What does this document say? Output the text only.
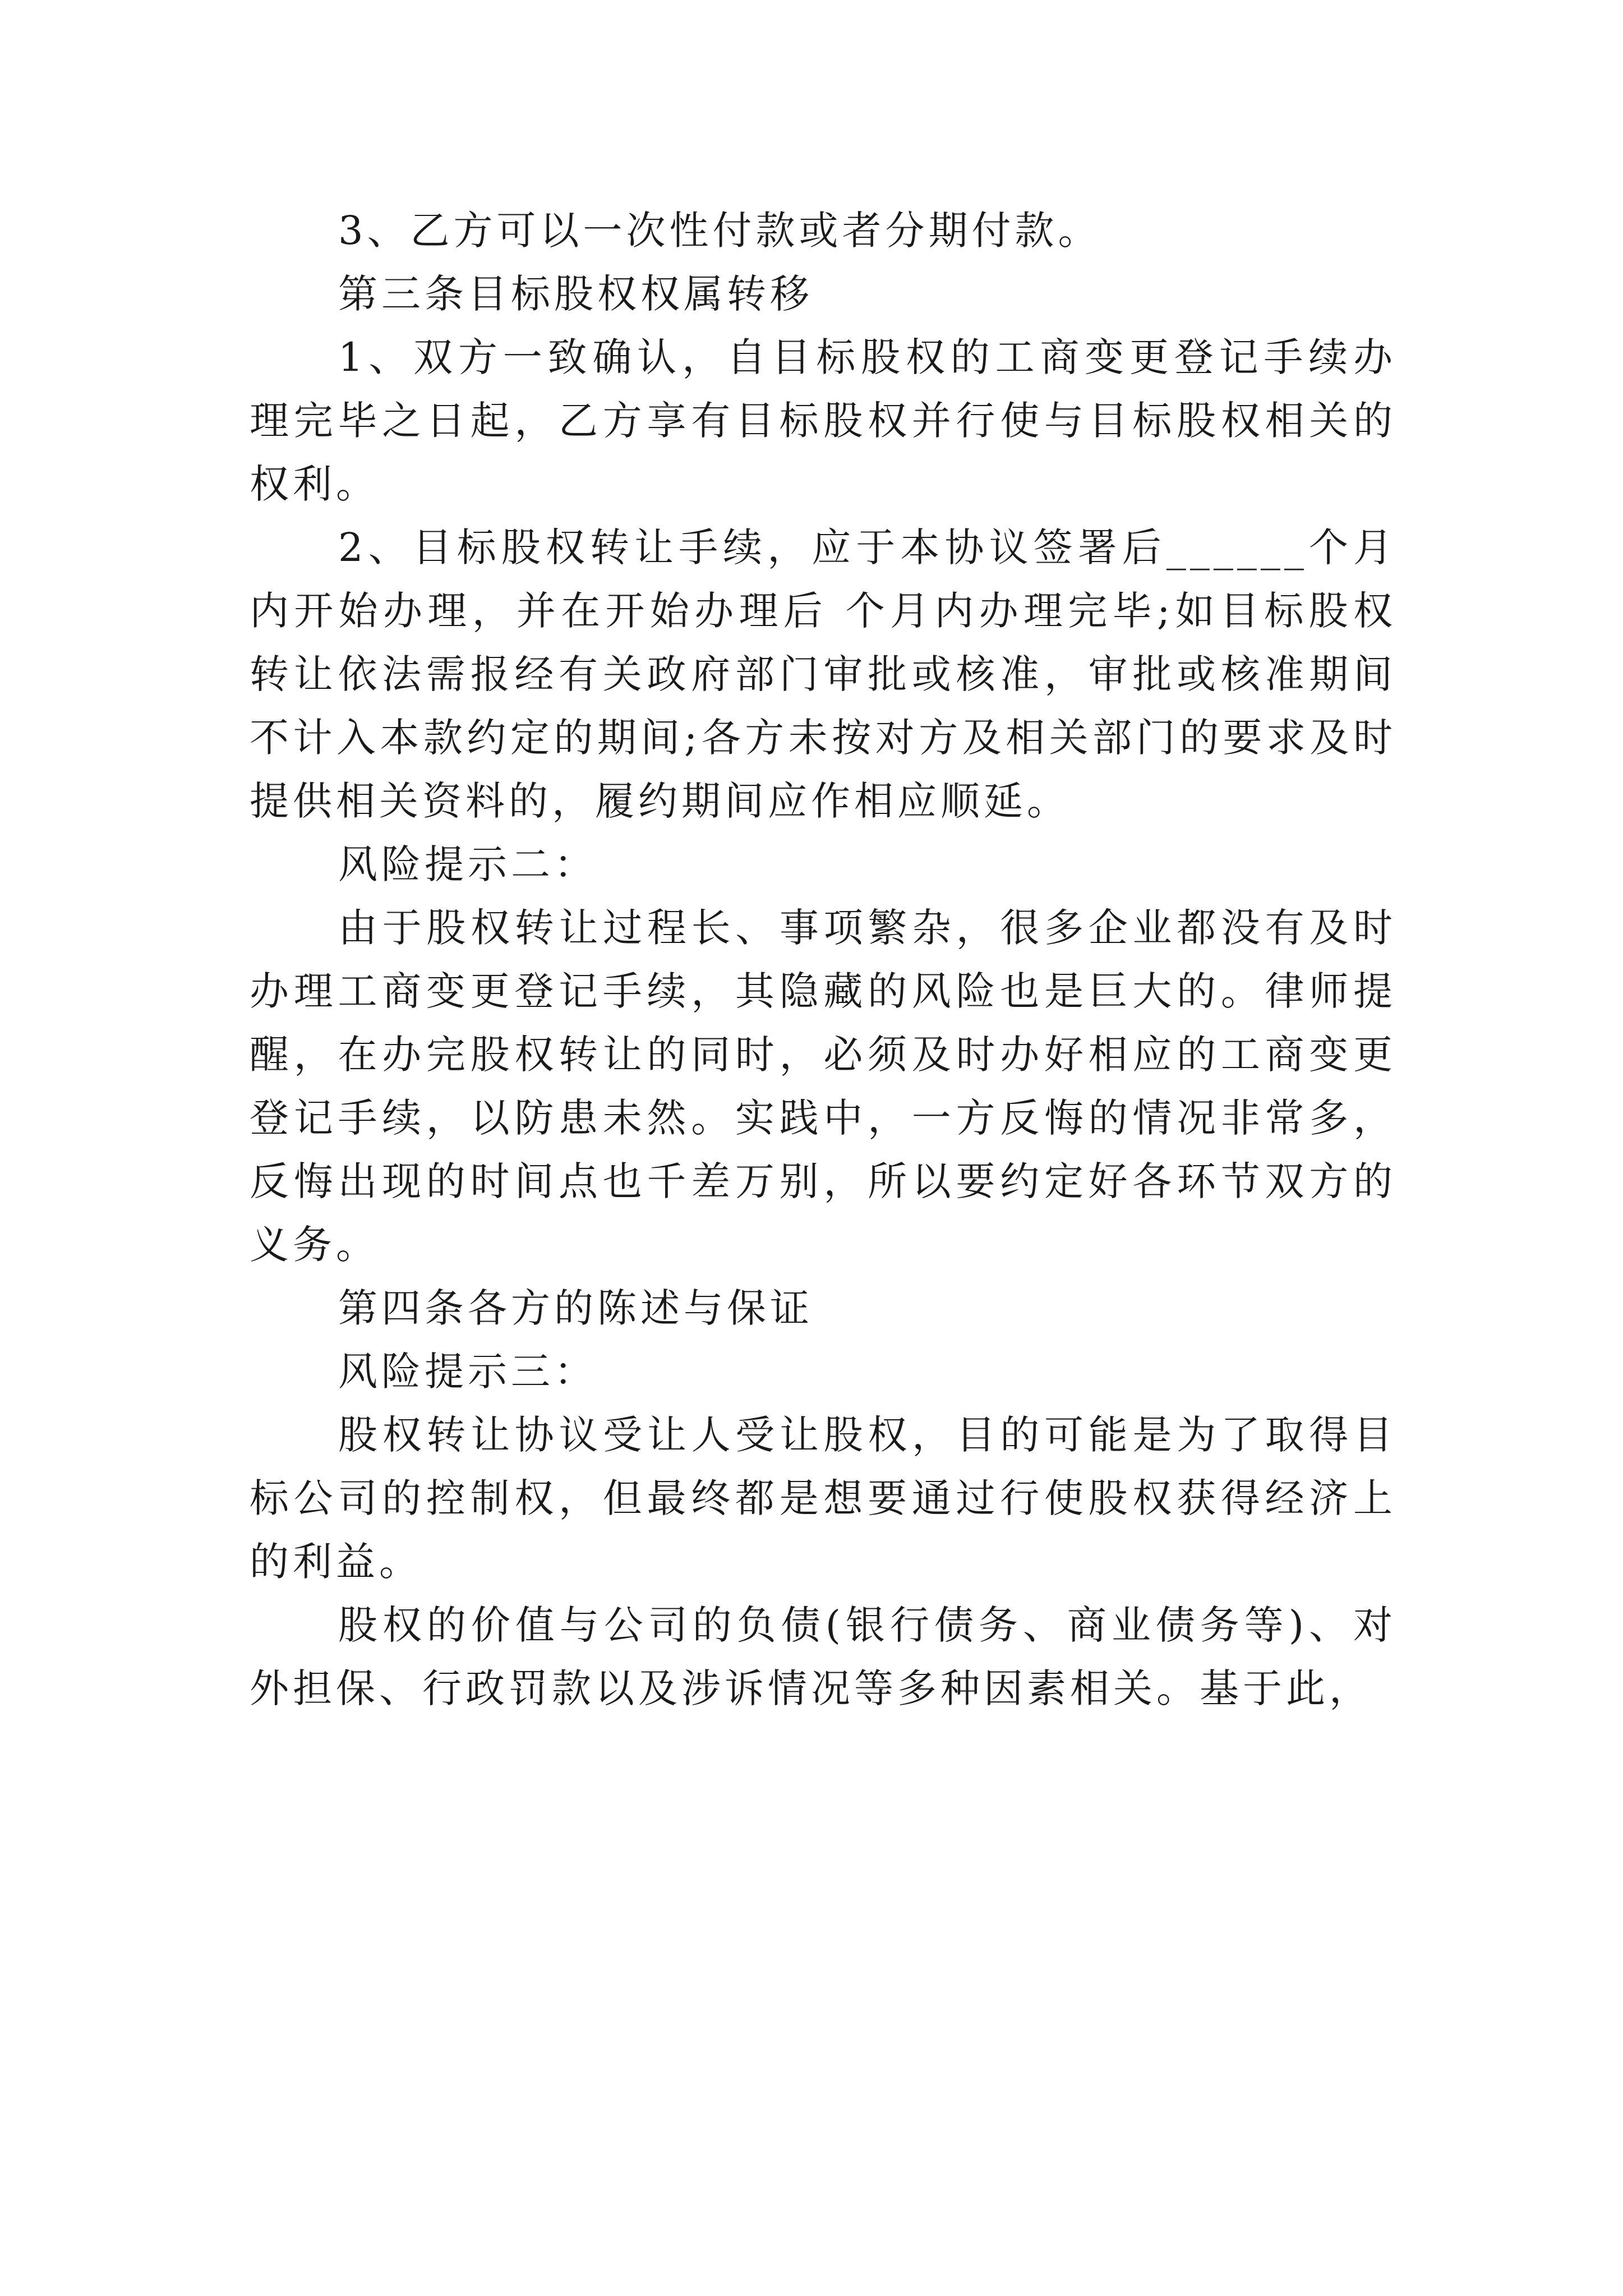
3、乙方可以一次性付款或者分期付款。

第三条目标股权权属转移

1、双方一致确认，自目标股权的工商变更登记手续办理完毕之日起，乙方享有目标股权并行使与目标股权相关的权利。

2、目标股权转让手续，应于本协议签署后______个月内开始办理，并在开始办理后 个月内办理完毕;如目标股权转让依法需报经有关政府部门审批或核准，审批或核准期间不计入本款约定的期间;各方未按对方及相关部门的要求及时提供相关资料的，履约期间应作相应顺延。

风险提示二：

由于股权转让过程长、事项繁杂，很多企业都没有及时办理工商变更登记手续，其隐藏的风险也是巨大的。律师提醒，在办完股权转让的同时，必须及时办好相应的工商变更登记手续，以防患未然。实践中，一方反悔的情况非常多，反悔出现的时间点也千差万别，所以要约定好各环节双方的义务。

第四条各方的陈述与保证

风险提示三：

股权转让协议受让人受让股权，目的可能是为了取得目标公司的控制权，但最终都是想要通过行使股权获得经济上的利益。

股权的价值与公司的负债(银行债务、商业债务等)、对外担保、行政罚款以及涉诉情况等多种因素相关。基于此，
